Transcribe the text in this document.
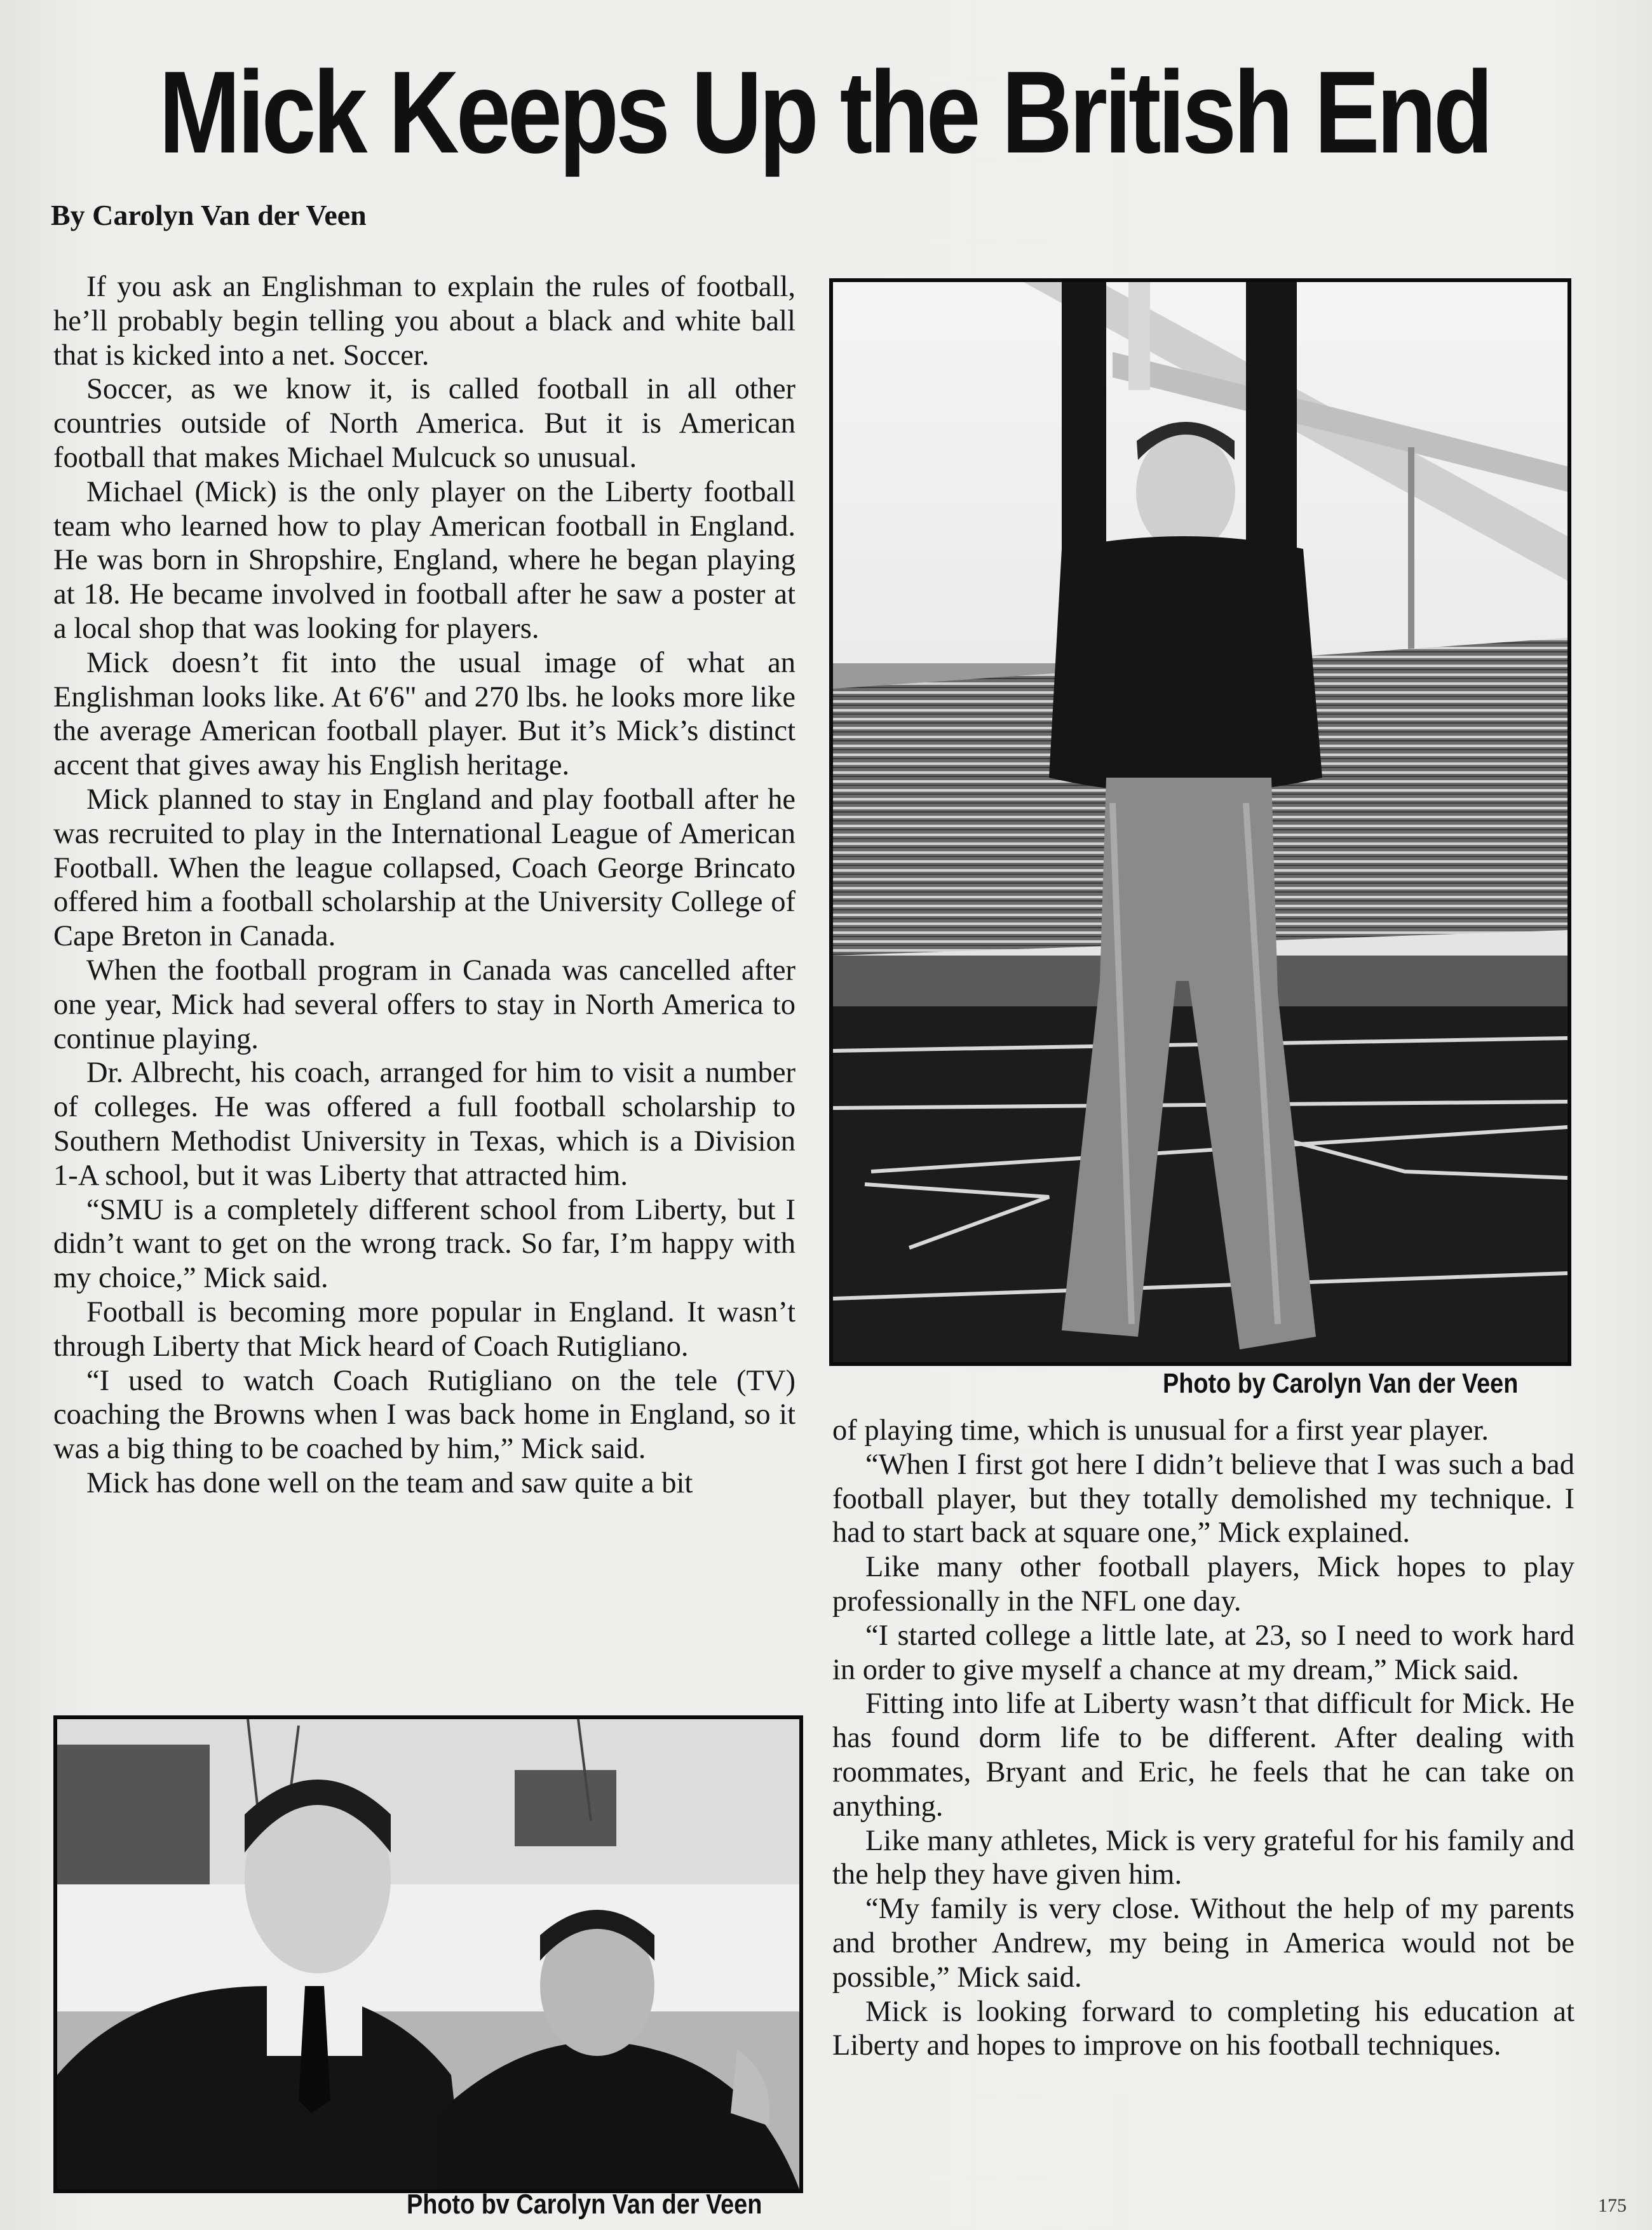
Mick Keeps Up the British End
By Carolyn Van der Veen

If you ask an Englishman to explain the rules of football, he’ll probably begin telling you about a black and white ball that is kicked into a net. Soccer.

Soccer, as we know it, is called football in all other countries outside of North America. But it is American football that makes Michael Mulcuck so unusual.

Michael (Mick) is the only player on the Liberty football team who learned how to play American football in England. He was born in Shropshire, England, where he began playing at 18. He became involved in football after he saw a poster at a local shop that was looking for players.

Mick doesn’t fit into the usual image of what an Englishman looks like. At 6′6" and 270 lbs. he looks more like the average American football player. But it’s Mick’s distinct accent that gives away his English heritage.

Mick planned to stay in England and play football after he was recruited to play in the International League of American Football. When the league collapsed, Coach George Brincato offered him a football scholarship at the University College of Cape Breton in Canada.

When the football program in Canada was cancelled after one year, Mick had several offers to stay in North America to continue playing.

Dr. Albrecht, his coach, arranged for him to visit a number of colleges. He was offered a full football scholarship to Southern Methodist University in Texas, which is a Division 1-A school, but it was Liberty that attracted him.

“SMU is a completely different school from Liberty, but I didn’t want to get on the wrong track. So far, I’m happy with my choice,” Mick said.

Football is becoming more popular in England. It wasn’t through Liberty that Mick heard of Coach Rutigliano.

“I used to watch Coach Rutigliano on the tele (TV) coaching the Browns when I was back home in England, so it was a big thing to be coached by him,” Mick said.

Mick has done well on the team and saw quite a bit

Photo by Carolyn Van der Veen
Photo bv Carolyn Van der Veen

of playing time, which is unusual for a first year player.

“When I first got here I didn’t believe that I was such a bad football player, but they totally demolished my technique. I had to start back at square one,” Mick explained.

Like many other football players, Mick hopes to play professionally in the NFL one day.

“I started college a little late, at 23, so I need to work hard in order to give myself a chance at my dream,” Mick said.

Fitting into life at Liberty wasn’t that difficult for Mick. He has found dorm life to be different. After dealing with roommates, Bryant and Eric, he feels that he can take on anything.

Like many athletes, Mick is very grateful for his family and the help they have given him.

“My family is very close. Without the help of my parents and brother Andrew, my being in America would not be possible,” Mick said.

Mick is looking forward to completing his education at Liberty and hopes to improve on his football techniques.

175
